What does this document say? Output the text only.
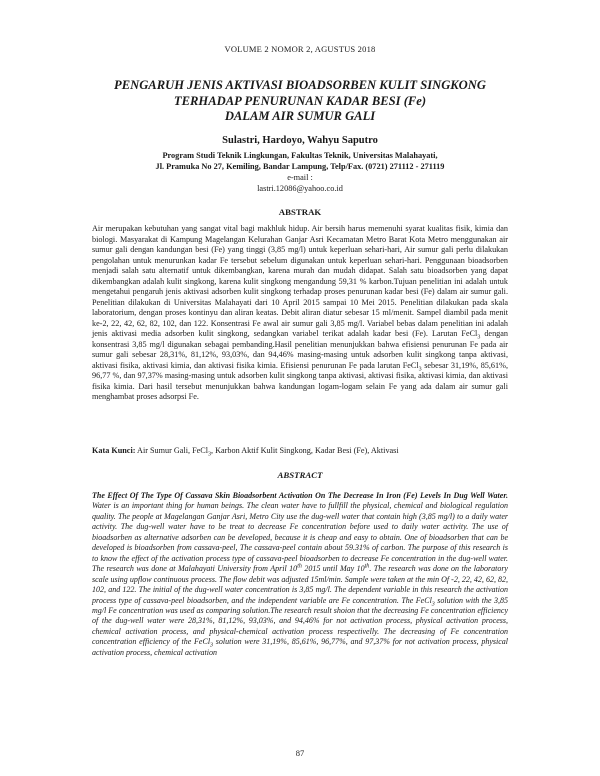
VOLUME 2 NOMOR 2, AGUSTUS 2018
PENGARUH JENIS AKTIVASI BIOADSORBEN KULIT SINGKONG
TERHADAP PENURUNAN KADAR BESI (Fe)
DALAM AIR SUMUR GALI
Sulastri, Hardoyo, Wahyu Saputro
Program Studi Teknik Lingkungan, Fakultas Teknik, Universitas Malahayati,
Jl. Pramuka No 27, Kemiling, Bandar Lampung, Telp/Fax. (0721) 271112 - 271119
e-mail :
lastri.12086@yahoo.co.id
ABSTRAK

Air merupakan kebutuhan yang sangat vital bagi makhluk hidup. Air bersih harus memenuhi syarat kualitas fisik, kimia dan biologi. Masyarakat di Kampung Magelangan Kelurahan Ganjar Asri Kecamatan Metro Barat Kota Metro menggunakan air sumur gali dengan kandungan besi (Fe) yang tinggi (3,85 mg/l) untuk keperluan sehari-hari, Air sumur gali perlu dilakukan pengolahan untuk menurunkan kadar Fe tersebut sebelum digunakan untuk keperluan sehari-hari. Penggunaan bioadsorben menjadi salah satu alternatif untuk dikembangkan, karena murah dan mudah didapat. Salah satu bioadsorben yang dapat dikembangkan adalah kulit singkong, karena kulit singkong mengandung 59,31 % karbon.Tujuan penelitian ini adalah untuk mengetahui pengaruh jenis aktivasi adsorben kulit singkong terhadap proses penurunan kadar besi (Fe) dalam air sumur gali. Penelitian dilakukan di Universitas Malahayati dari 10 April 2015 sampai 10 Mei 2015. Penelitian dilakukan pada skala laboratorium, dengan proses kontinyu dan aliran keatas. Debit aliran diatur sebesar 15 ml/menit. Sampel diambil pada menit ke-2, 22, 42, 62, 82, 102, dan 122. Konsentrasi Fe awal air sumur gali 3,85 mg/l. Variabel bebas dalam penelitian ini adalah jenis aktivasi media adsorben kulit singkong, sedangkan variabel terikat adalah kadar besi (Fe). Larutan FeCl$_3$ dengan konsentrasi 3,85 mg/l digunakan sebagai pembanding.Hasil penelitian menunjukkan bahwa efisiensi penurunan Fe pada air sumur gali sebesar 28,31%, 81,12%, 93,03%, dan 94,46% masing-masing untuk adsorben kulit singkong tanpa aktivasi, aktivasi fisika, aktivasi kimia, dan aktivasi fisika kimia. Efisiensi penurunan Fe pada larutan FeCl$_3$ sebesar 31,19%, 85,61%, 96,77 %, dan 97,37% masing-masing untuk adsorben kulit singkong tanpa aktivasi, aktivasi fisika, aktivasi kimia, dan aktivasi fisika kimia. Dari hasil tersebut menunjukkan bahwa kandungan logam-logam selain Fe yang ada dalam air sumur gali menghambat proses adsorpsi Fe.

Kata Kunci: Air Sumur Gali, FeCl$_3$, Karbon Aktif Kulit Singkong, Kadar Besi (Fe), Aktivasi

ABSTRACT

The Effect Of The Type Of Cassava Skin Bioadsorbent Activation On The Decrease In Iron (Fe) Levels In Dug Well Water. Water is an important thing for human beings. The clean water have to fullfill the physical, chemical and biological regulation quality. The people at Magelangan Ganjar Asri, Metro City use the dug-well water that contain high (3,85 mg/l) to a daily water activity. The dug-well water have to be treat to decrease Fe concentration before used to daily water activity. The use of bioadsorben as alternative adsorben can be developed, because it is cheap and easy to obtain. One of bioadsorben that can be developed is bioadsorben from cassava-peel, The cassava-peel contain about 59.31% of carbon. The purpose of this research is to know the effect of the activation process type of cassava-peel bioadsorben to decrease Fe concentration in the dug-well water. The research was done at Malahayati University from April 10th 2015 until May 10th. The research was done on the laboratory scale using upflow continuous process. The flow debit was adjusted 15ml/min. Sample were taken at the min Of -2, 22, 42, 62, 82, 102, and 122. The initial of the dug-well water concentration is 3,85 mg/l. The dependent variable in this research the activation process type of cassava-peel bioadsorben, and the independent variable are Fe concentration. The FeCl$_3$ solution with the 3,85 mg/l Fe concentration was used as comparing solution.The research result shoion that the decreasing Fe concentration efficiency of the dug-well water were 28,31%, 81,12%, 93,03%, and 94,46% for not activation process, physical activation process, chemical activation process, and physical-chemical activation process respectivelly. The decreasing of Fe concentration concentration efficiency of the FeCl$_3$ solution were 31,19%, 85,61%, 96,77%, and 97,37% for not activation process, physical activation process, chemical activation

87
